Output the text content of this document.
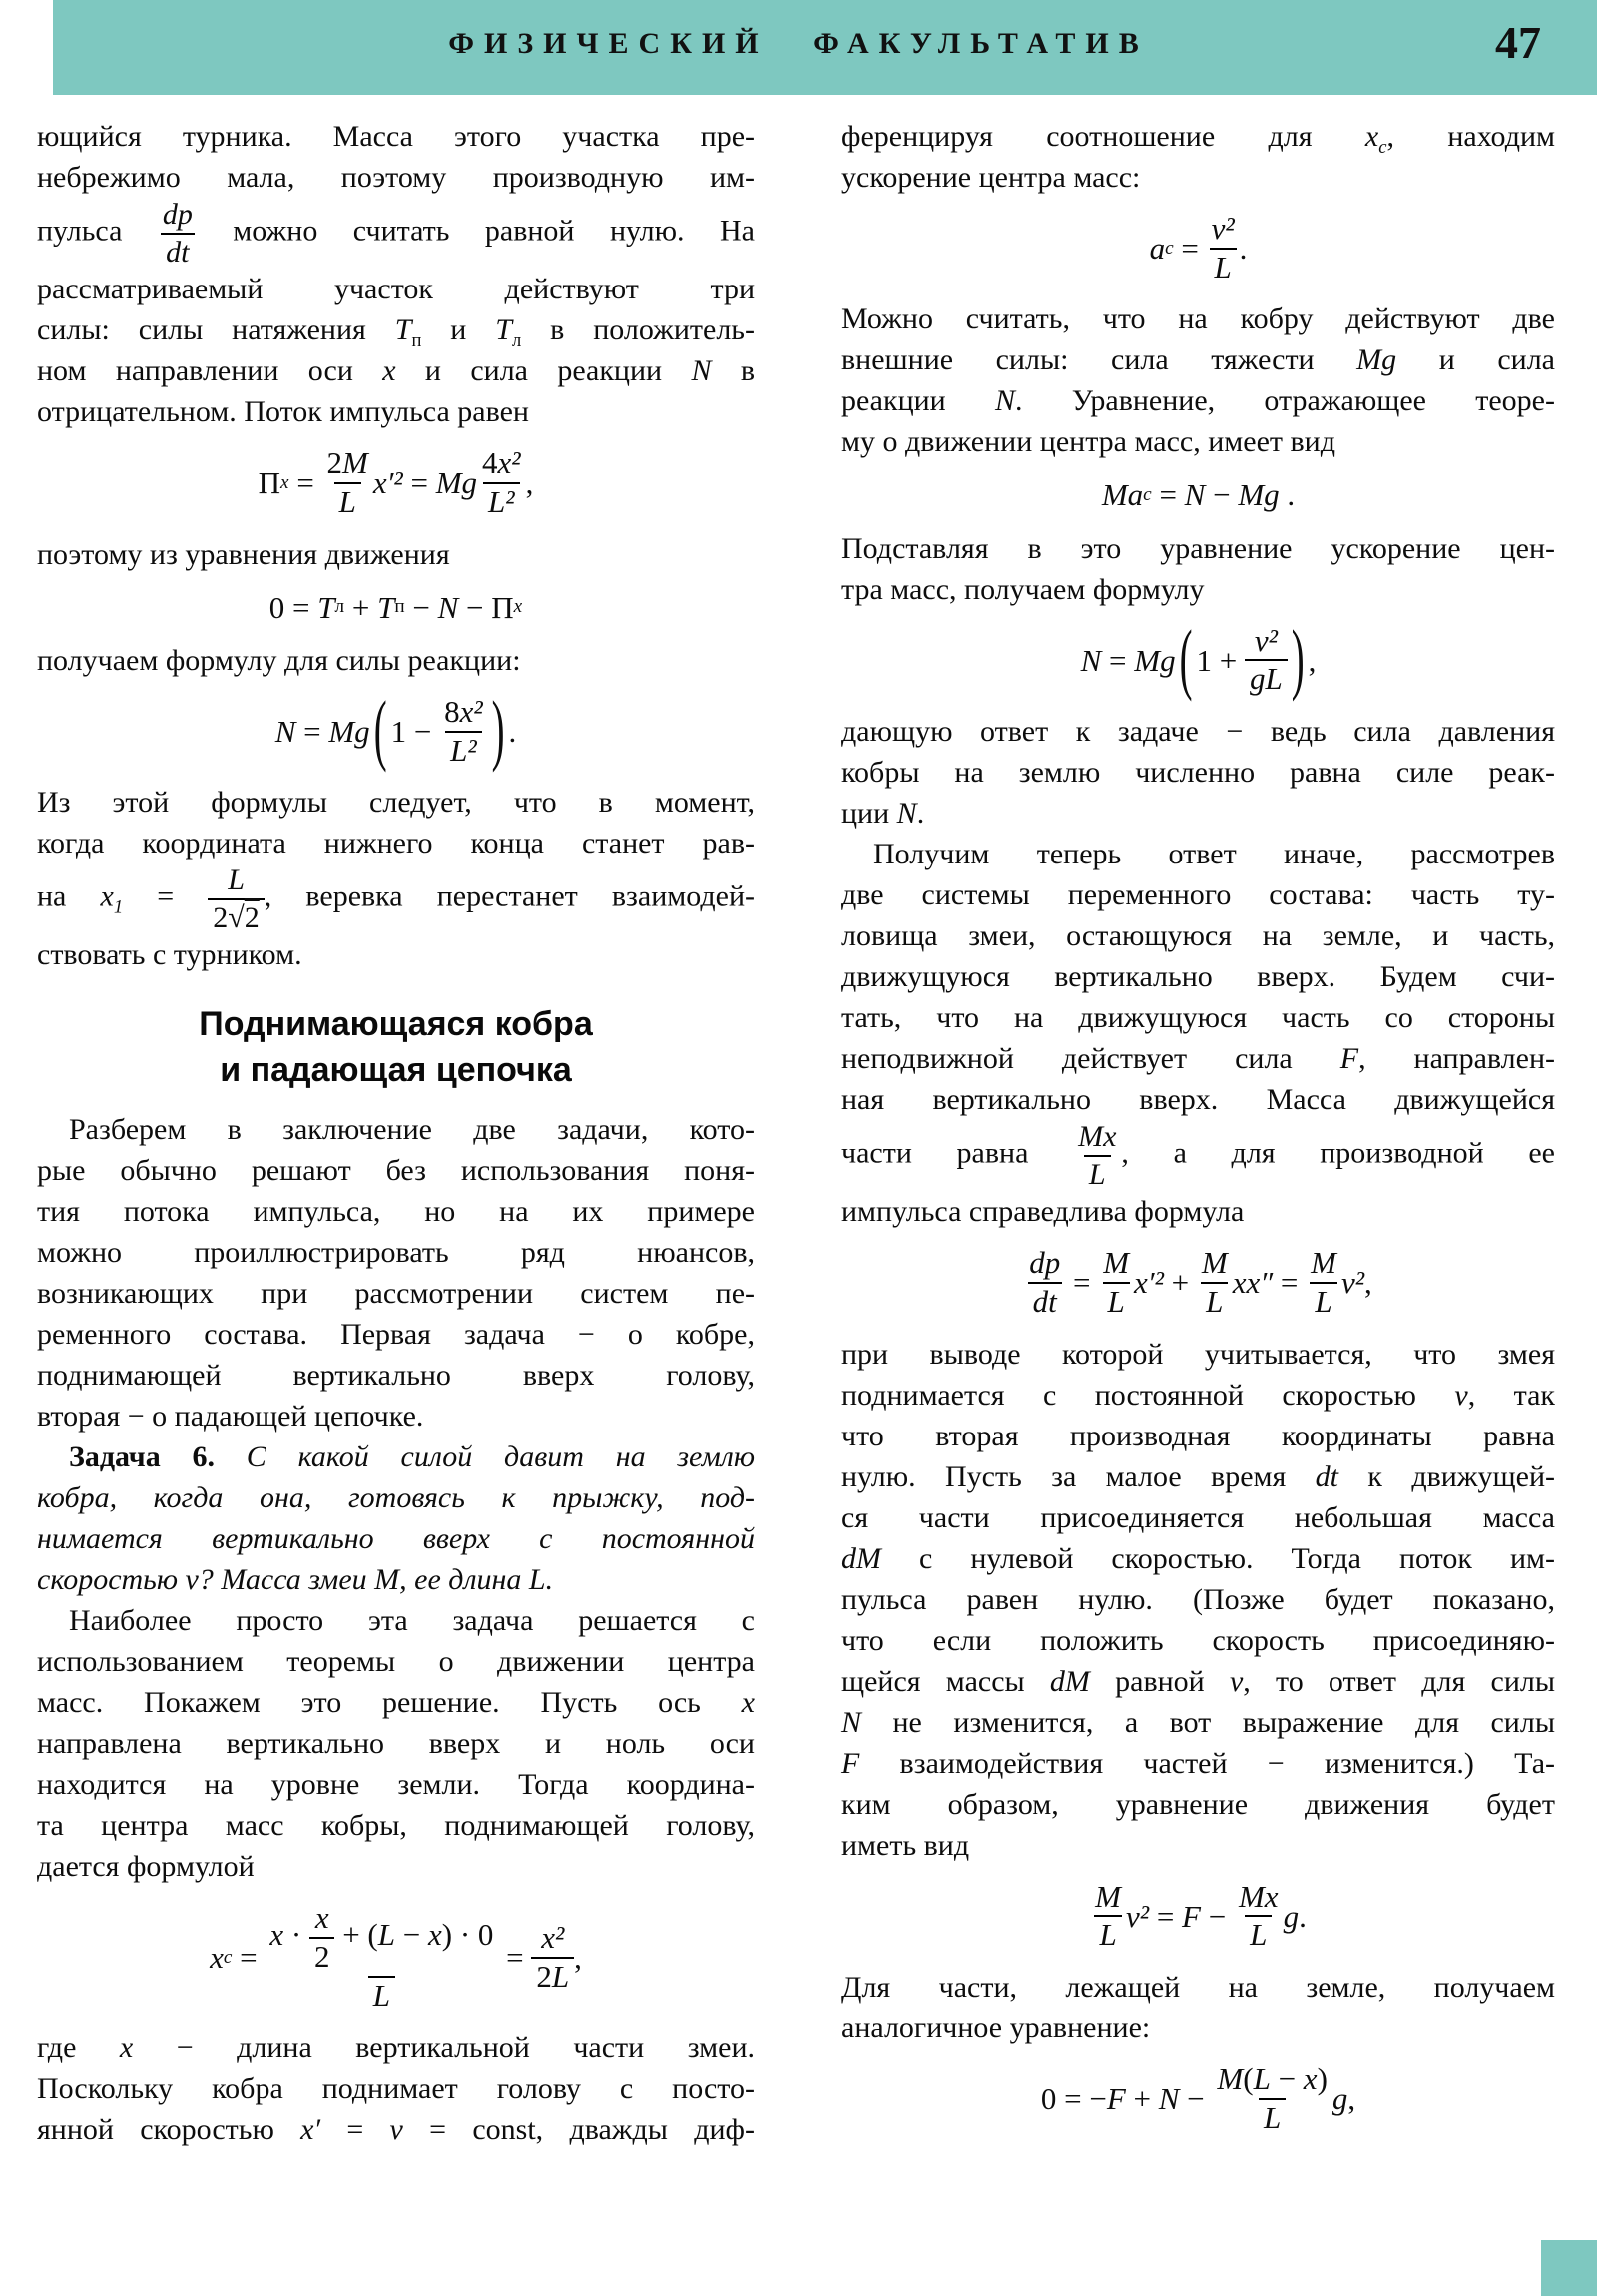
ФИЗИЧЕСКИЙ ФАКУЛЬТАТИВ	47
ющийся турника. Масса этого участка пре-
небрежимо мала, поэтому производную им-
пульса $\frac{dp}{dt}$ можно считать равной нулю. На
рассматриваемый участок действуют три
силы: силы натяжения $T_п$ и $T_л$ в положитель-
ном направлении оси x и сила реакции N в
отрицательном. Поток импульса равен
Π x =
2M
L
x′² = Mg
4x²
L²
,
поэтому из уравнения движения
0 = T л + T п − N − Π x
получаем формулу для силы реакции:
N = Mg ( 1 −
8x²
L² ) .
Из этой формулы следует, что в момент,
когда координата нижнего конца станет рав-
на $x_1 = \frac{L}{2√2}$ , веревка перестанет взаимодей-
ствовать с турником.
Поднимающаяся кобра
и падающая цепочка
Разберем в заключение две задачи, кото-
рые обычно решают без использования поня-
тия потока импульса, но на их примере
можно проиллюстрировать ряд нюансов,
возникающих при рассмотрении систем пе-
ременного состава. Первая задача − о кобре,
поднимающей вертикально вверх голову,
вторая − о падающей цепочке.
Задача 6. С какой силой давит на землю
кобра, когда она, готовясь к прыжку, под-
нимается вертикально вверх с постоянной
скоростью v? Масса змеи M, ее длина L.
Наиболее просто эта задача решается с
использованием теоремы о движении центра
масс. Покажем это решение. Пусть ось x
направлена вертикально вверх и ноль оси
находится на уровне земли. Тогда координа-
та центра масс кобры, поднимающей голову,
дается формулой
x c =
$x \cdot \frac{x}{2} + (L - x) \cdot 0$
L
=
x²
2L
,
где x − длина вертикальной части змеи.
Поскольку кобра поднимает голову с посто-
янной скоростью x′ = v = const, дважды диф-
ференцируя соотношение для $x_c$, находим
ускорение центра масс:
a c =
v²
L
.
Можно считать, что на кобру действуют две
внешние силы: сила тяжести Mg и сила
реакции N. Уравнение, отражающее теоре-
му о движении центра масс, имеет вид
Ma c = N − Mg .
Подставляя в это уравнение ускорение цен-
тра масс, получаем формулу
N = Mg ( 1 +
v²
gL ) ,
дающую ответ к задаче − ведь сила давления
кобры на землю численно равна силе реак-
ции N.
Получим теперь ответ иначе, рассмотрев
две системы переменного состава: часть ту-
ловища змеи, остающуюся на земле, и часть,
движущуюся вертикально вверх. Будем счи-
тать, что на движущуюся часть со стороны
неподвижной действует сила F, направлен-
ная вертикально вверх. Масса движущейся
части равна $\frac{Mx}{L}$ , а для производной ее
импульса справедлива формула
dp
dt
=
M
L
x′² +
M
L
xx″ =
M
L
v² ,
при выводе которой учитывается, что змея
поднимается с постоянной скоростью v, так
что вторая производная координаты равна
нулю. Пусть за малое время dt к движущей-
ся части присоединяется небольшая масса
dM с нулевой скоростью. Тогда поток им-
пульса равен нулю. (Позже будет показано,
что если положить скорость присоединяю-
щейся массы dM равной v, то ответ для силы
N не изменится, а вот выражение для силы
F взаимодействия частей − изменится.) Та-
ким образом, уравнение движения будет
иметь вид
M
L
v² = F −
Mx
L
g .
Для части, лежащей на земле, получаем
аналогичное уравнение:
0 = − F + N −
M(L − x)
L
g ,
